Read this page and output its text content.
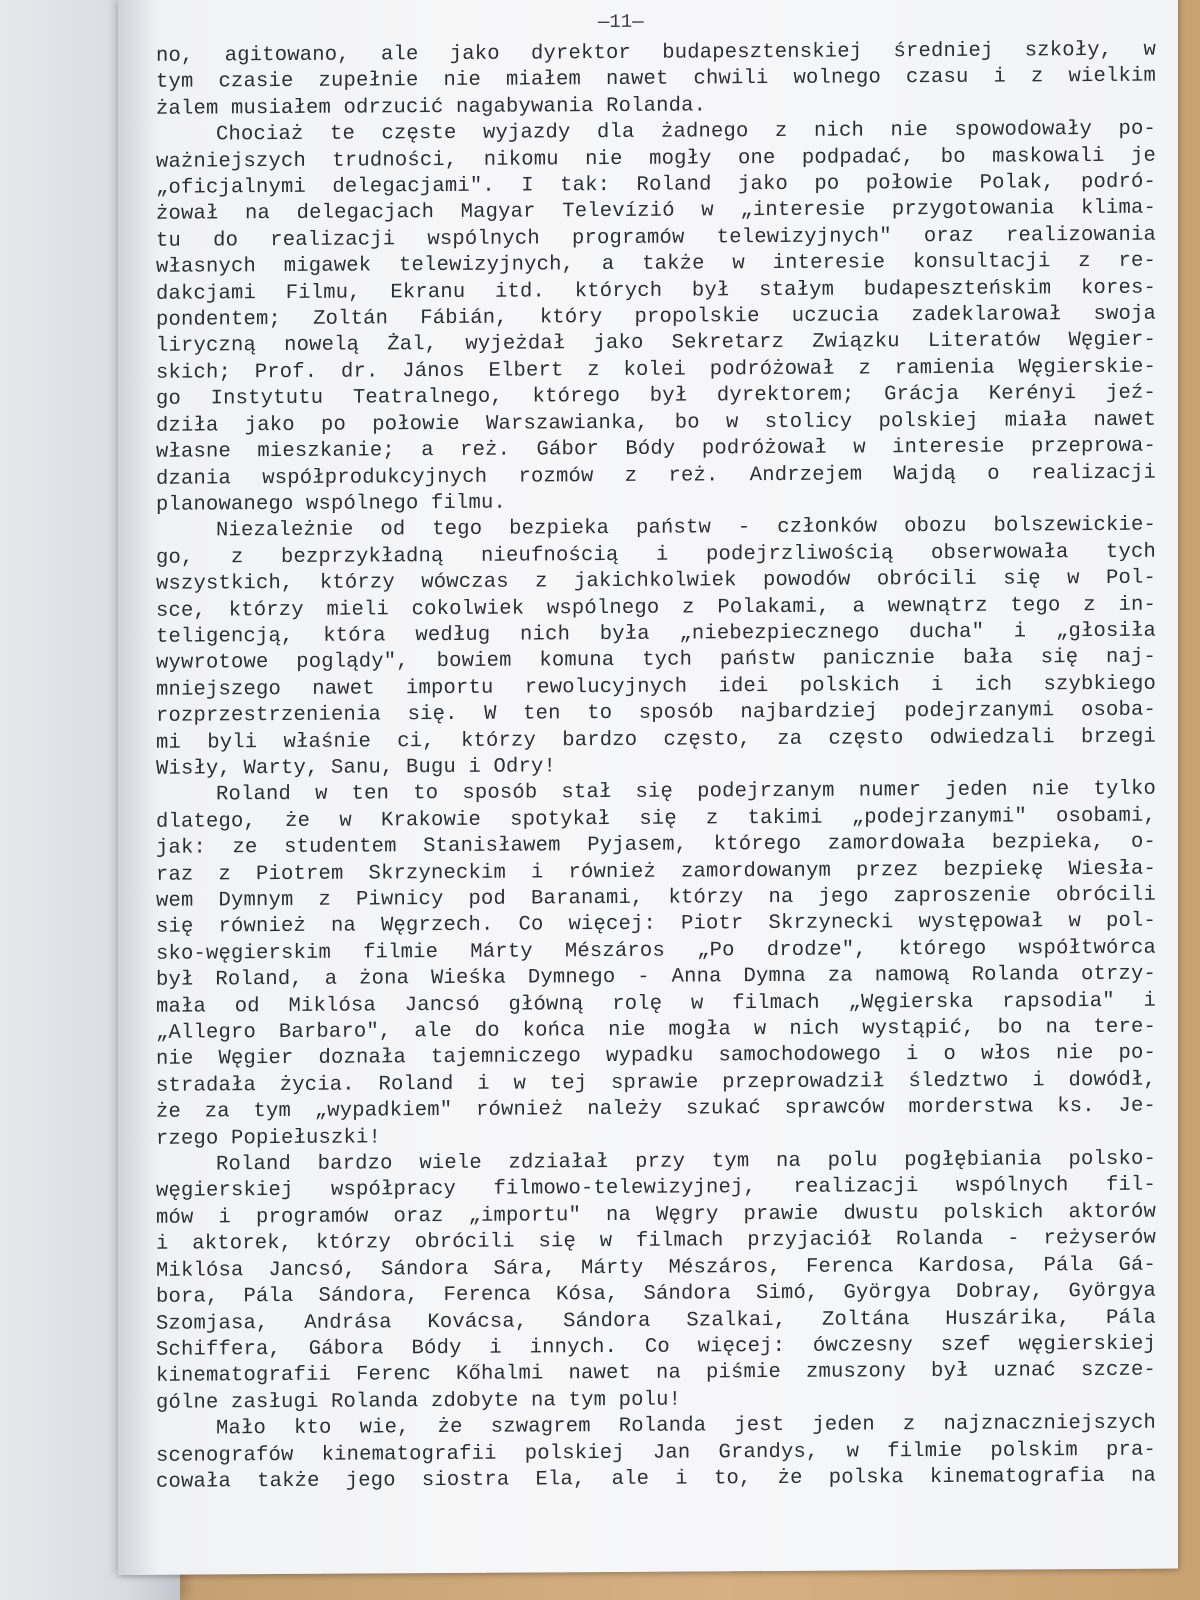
—11—
no, agitowano, ale jako dyrektor budapesztenskiej średniej szkoły, w
tym czasie zupełnie nie miałem nawet chwili wolnego czasu i z wielkim
żalem musiałem odrzucić nagabywania Rolanda.
Chociaż te częste wyjazdy dla żadnego z nich nie spowodowały po-
ważniejszych trudności, nikomu nie mogły one podpadać, bo maskowali je
„oficjalnymi delegacjami". I tak: Roland jako po połowie Polak, podró-
żował na delegacjach Magyar Televízió w „interesie przygotowania klima-
tu do realizacji wspólnych programów telewizyjnych" oraz realizowania
własnych migawek telewizyjnych, a także w interesie konsultacji z re-
dakcjami Filmu, Ekranu itd. których był stałym budapeszteńskim kores-
pondentem; Zoltán Fábián, który propolskie uczucia zadeklarował swoja
liryczną nowelą Żal, wyjeżdał jako Sekretarz Związku Literatów Węgier-
skich; Prof. dr. János Elbert z kolei podróżował z ramienia Węgierskie-
go Instytutu Teatralnego, którego był dyrektorem; Grácja Kerényi jeź-
dziła jako po połowie Warszawianka, bo w stolicy polskiej miała nawet
własne mieszkanie; a reż. Gábor Bódy podróżował w interesie przeprowa-
dzania współprodukcyjnych rozmów z reż. Andrzejem Wajdą o realizacji
planowanego wspólnego filmu.
Niezależnie od tego bezpieka państw - członków obozu bolszewickie-
go, z bezprzykładną nieufnością i podejrzliwością obserwowała tych
wszystkich, którzy wówczas z jakichkolwiek powodów obrócili się w Pol-
sce, którzy mieli cokolwiek wspólnego z Polakami, a wewnątrz tego z in-
teligencją, która według nich była „niebezpiecznego ducha" i „głosiła
wywrotowe poglądy", bowiem komuna tych państw panicznie bała się naj-
mniejszego nawet importu rewolucyjnych idei polskich i ich szybkiego
rozprzestrzenienia się. W ten to sposób najbardziej podejrzanymi osoba-
mi byli właśnie ci, którzy bardzo często, za często odwiedzali brzegi
Wisły, Warty, Sanu, Bugu i Odry!
Roland w ten to sposób stał się podejrzanym numer jeden nie tylko
dlatego, że w Krakowie spotykał się z takimi „podejrzanymi" osobami,
jak: ze studentem Stanisławem Pyjasem, którego zamordowała bezpieka, o-
raz z Piotrem Skrzyneckim i również zamordowanym przez bezpiekę Wiesła-
wem Dymnym z Piwnicy pod Baranami, którzy na jego zaproszenie obrócili
się również na Węgrzech. Co więcej: Piotr Skrzynecki występował w pol-
sko-węgierskim filmie Márty Mészáros „Po drodze", którego współtwórca
był Roland, a żona Wieśka Dymnego - Anna Dymna za namową Rolanda otrzy-
mała od Miklósa Jancsó główną rolę w filmach „Węgierska rapsodia" i
„Allegro Barbaro", ale do końca nie mogła w nich wystąpić, bo na tere-
nie Węgier doznała tajemniczego wypadku samochodowego i o włos nie po-
stradała życia. Roland i w tej sprawie przeprowadził śledztwo i dowódł,
że za tym „wypadkiem" również należy szukać sprawców morderstwa ks. Je-
rzego Popiełuszki!
Roland bardzo wiele zdziałał przy tym na polu pogłębiania polsko-
węgierskiej współpracy filmowo-telewizyjnej, realizacji wspólnych fil-
mów i programów oraz „importu" na Węgry prawie dwustu polskich aktorów
i aktorek, którzy obrócili się w filmach przyjaciół Rolanda - reżyserów
Miklósa Jancsó, Sándora Sára, Márty Mészáros, Ferenca Kardosa, Pála Gá-
bora, Pála Sándora, Ferenca Kósa, Sándora Simó, Györgya Dobray, Györgya
Szomjasa, Andrása Kovácsa, Sándora Szalkai, Zoltána Huszárika, Pála
Schiffera, Gábora Bódy i innych. Co więcej: ówczesny szef węgierskiej
kinematografii Ferenc Kőhalmi nawet na piśmie zmuszony był uznać szcze-
gólne zasługi Rolanda zdobyte na tym polu!
Mało kto wie, że szwagrem Rolanda jest jeden z najznaczniejszych
scenografów kinematografii polskiej Jan Grandys, w filmie polskim pra-
cowała także jego siostra Ela, ale i to, że polska kinematografia na
